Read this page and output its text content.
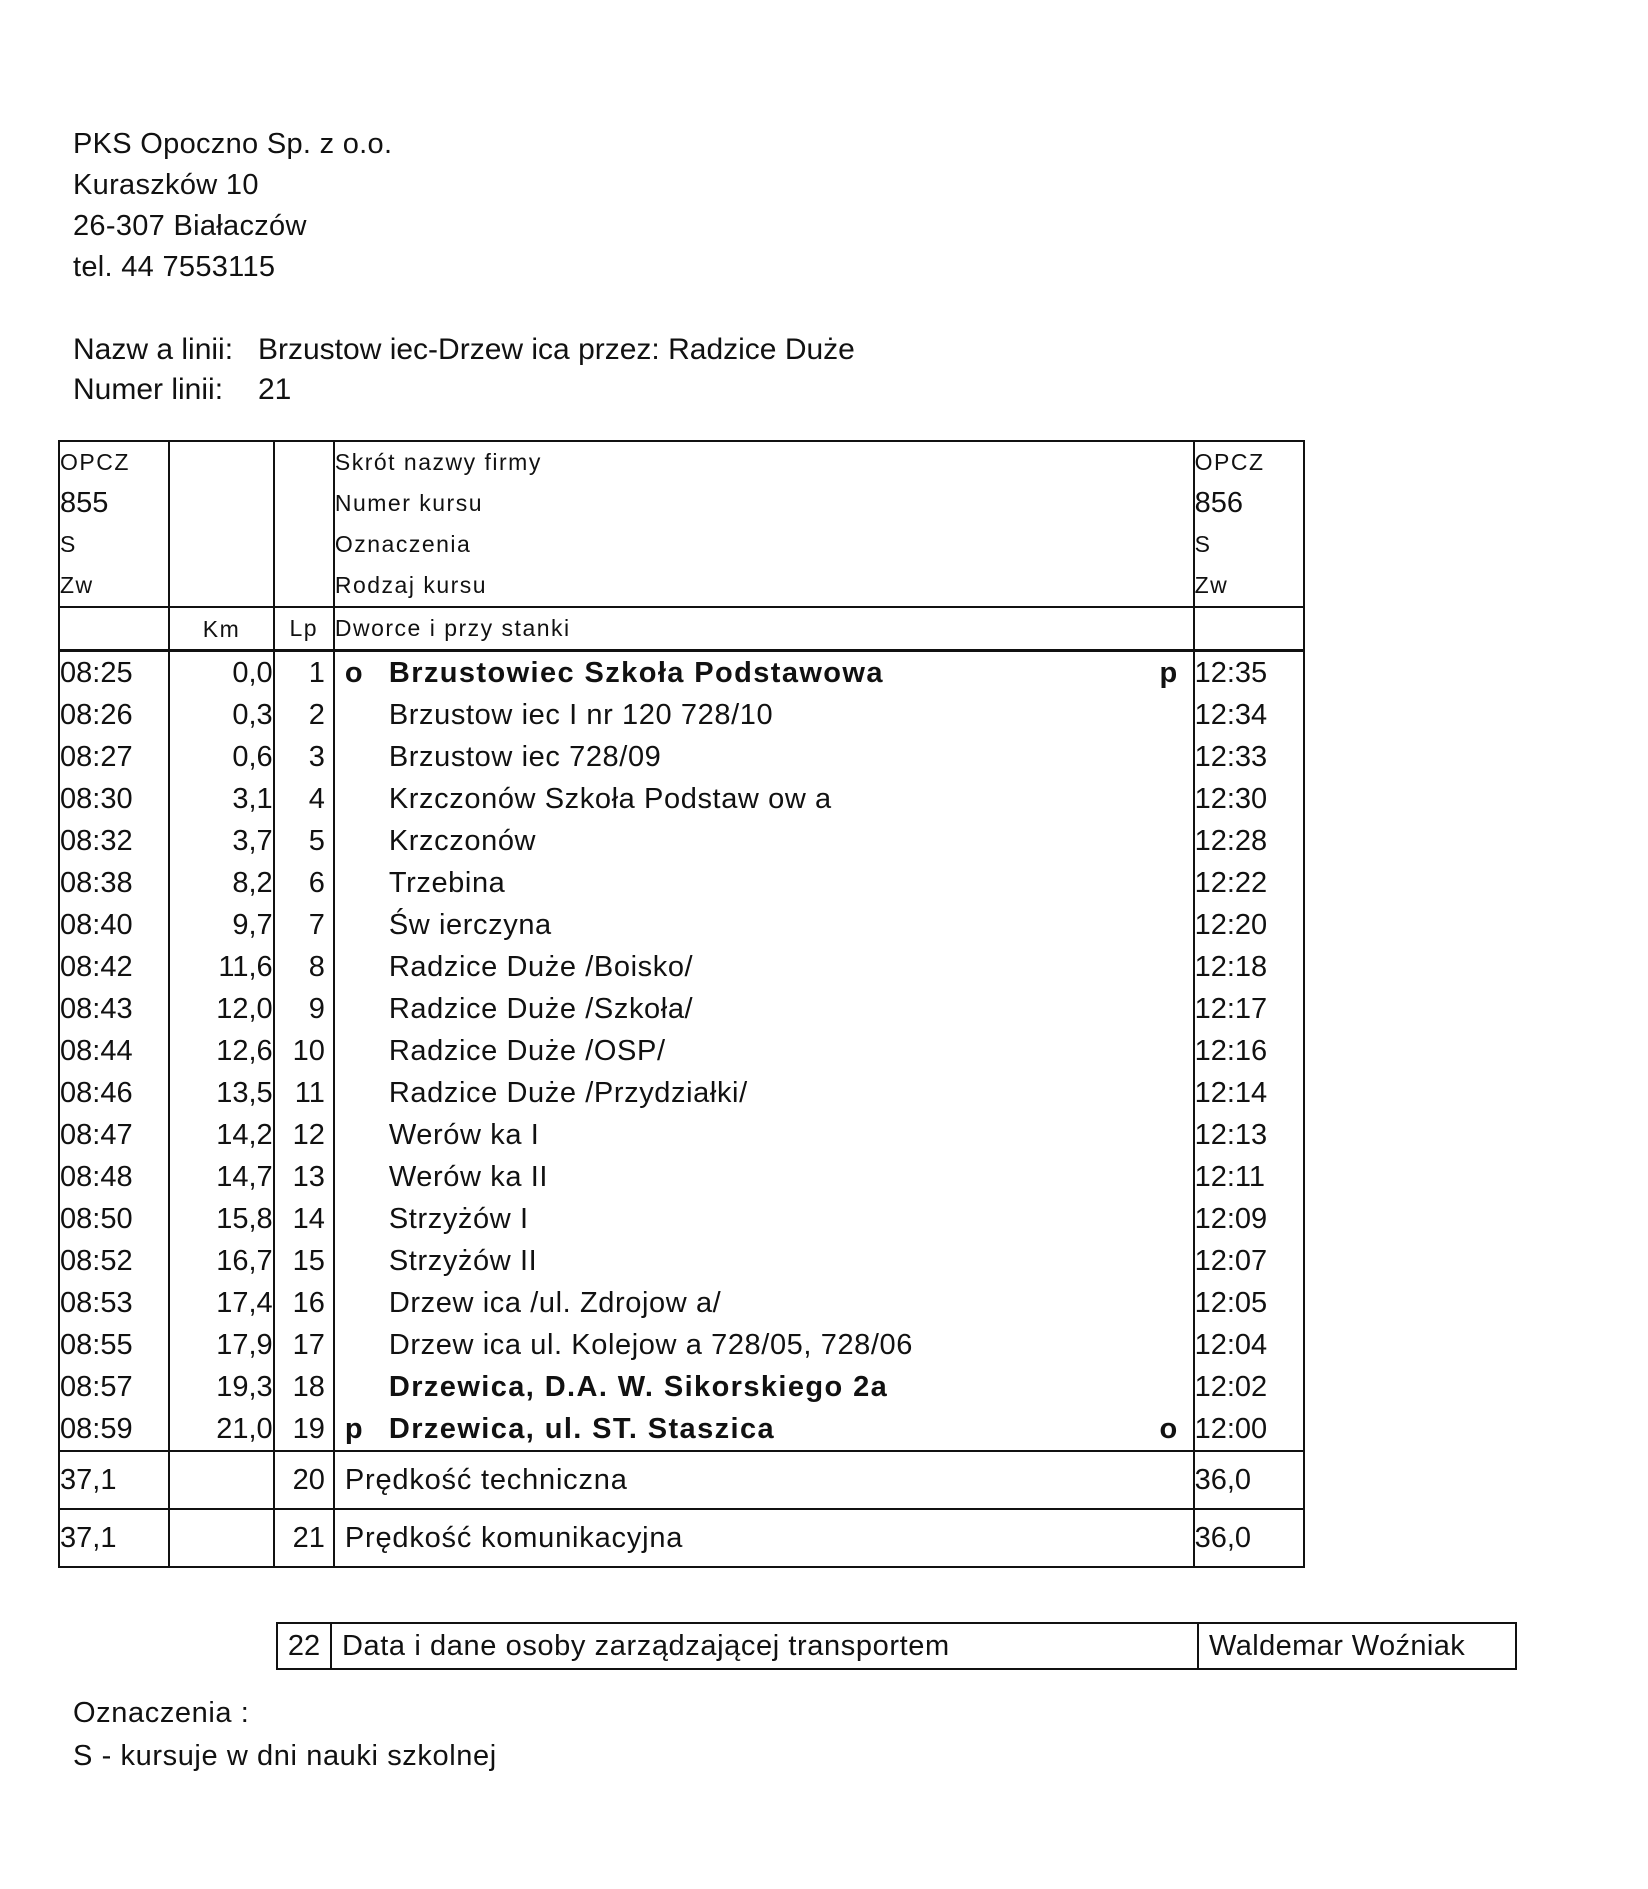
PKS Opoczno Sp. z o.o.
Kuraszków 10
26-307 Białaczów
tel. 44 7553115
Nazw a linii: Brzustow iec-Drzew ica przez: Radzice Duże
Numer linii:	21
OPCZ			Skrót nazwy firmy	OPCZ
855			Numer kursu	856
S			Oznaczenia	S
Zw			Rodzaj kursu	Zw
	Km	Lp	Dworce i przy stanki	
08:25	0,0	1	o Brzustowiec Szkoła Podstawowa p	12:35
08:26	0,3	2	Brzustow iec I nr 120 728/10	12:34
08:27	0,6	3	Brzustow iec 728/09	12:33
08:30	3,1	4	Krzczonów Szkoła Podstaw ow a	12:30
08:32	3,7	5	Krzczonów	12:28
08:38	8,2	6	Trzebina	12:22
08:40	9,7	7	Św ierczyna	12:20
08:42	11,6	8	Radzice Duże /Boisko/	12:18
08:43	12,0	9	Radzice Duże /Szkoła/	12:17
08:44	12,6	10	Radzice Duże /OSP/	12:16
08:46	13,5	11	Radzice Duże /Przydziałki/	12:14
08:47	14,2	12	Werów ka I	12:13
08:48	14,7	13	Werów ka II	12:11
08:50	15,8	14	Strzyżów I	12:09
08:52	16,7	15	Strzyżów II	12:07
08:53	17,4	16	Drzew ica /ul. Zdrojow a/	12:05
08:55	17,9	17	Drzew ica ul. Kolejow a 728/05, 728/06	12:04
08:57	19,3	18	Drzewica, D.A. W. Sikorskiego 2a	12:02
08:59	21,0	19	p Drzewica, ul. ST. Staszica o	12:00
37,1		20	Prędkość techniczna	36,0
37,1		21	Prędkość komunikacyjna	36,0
22 Data i dane osoby zarządzającej transportem	Waldemar Woźniak
Oznaczenia :
S - kursuje w dni nauki szkolnej
